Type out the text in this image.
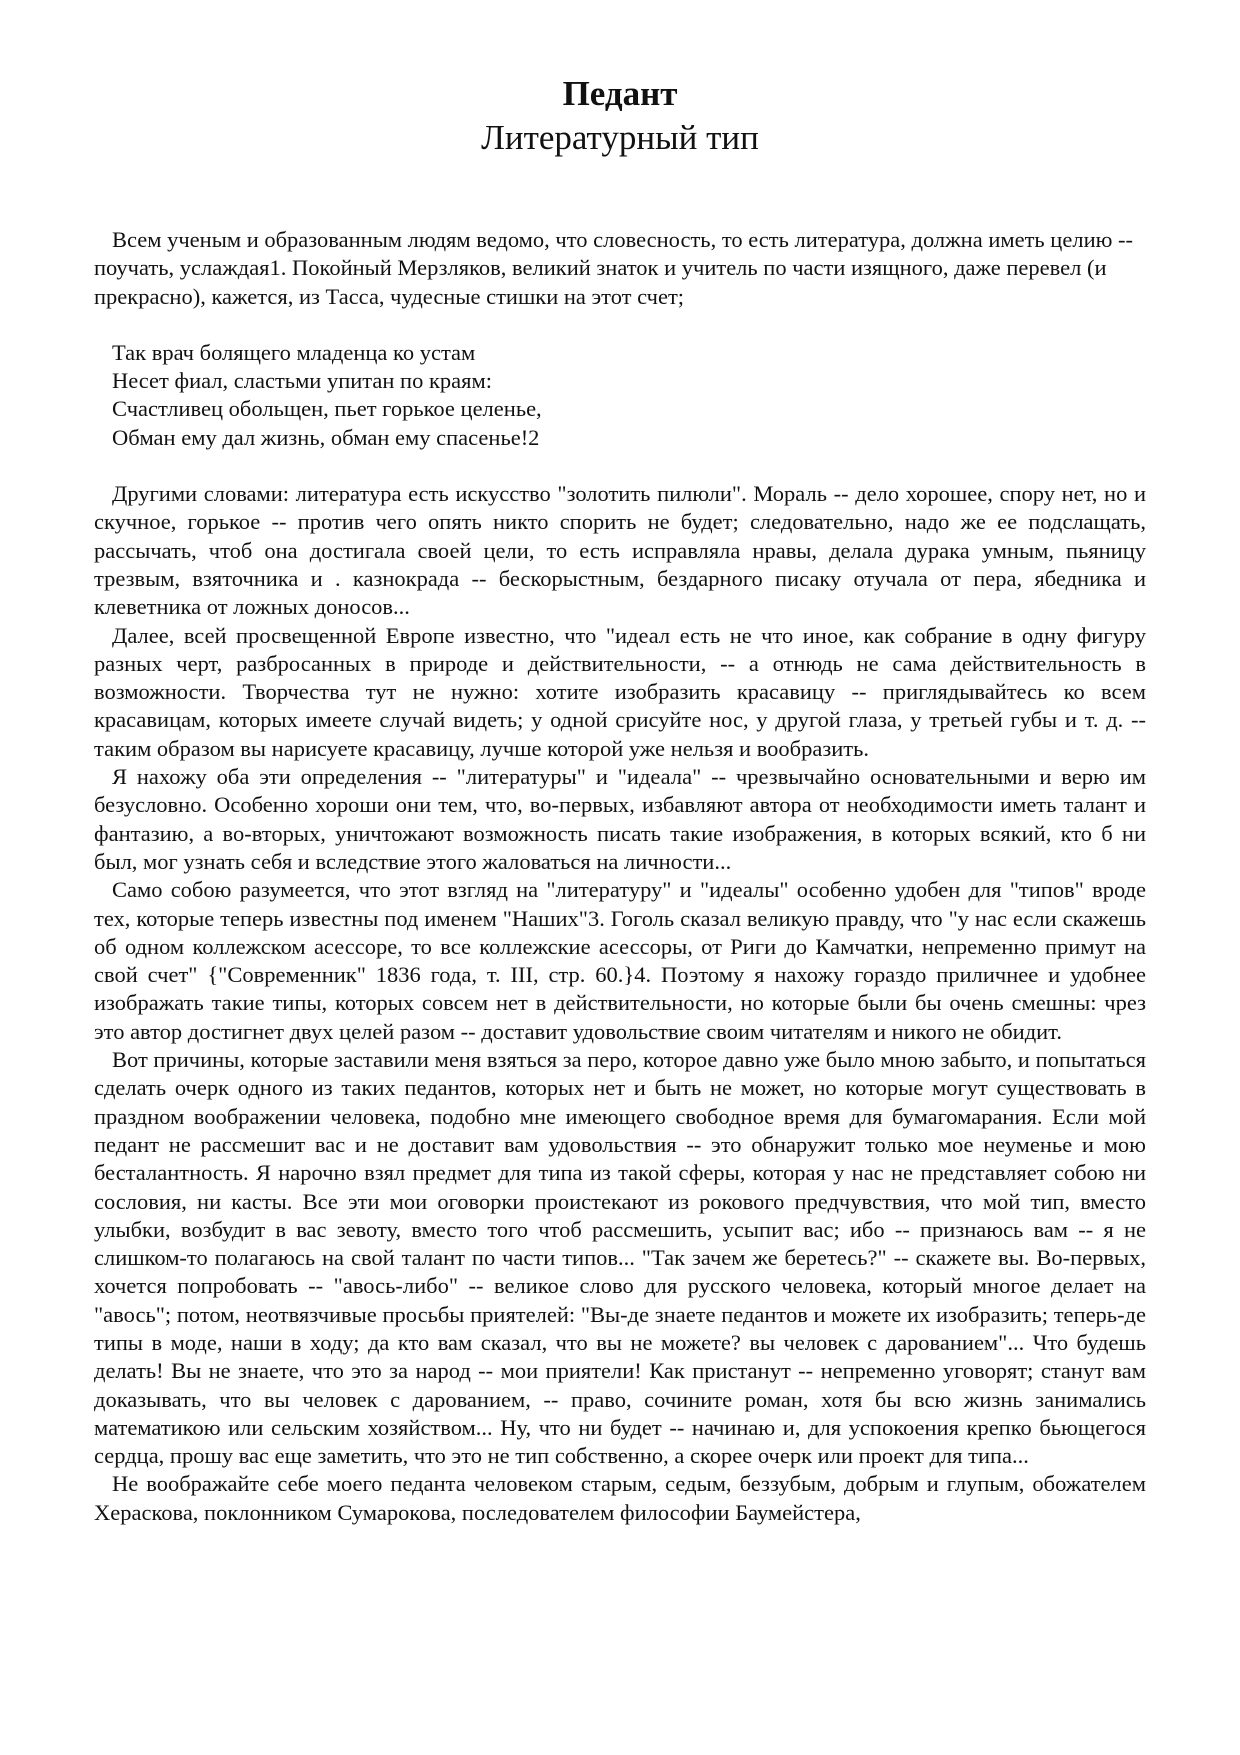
Педант
Литературный тип

Всем ученым и образованным людям ведомо, что словесность, то есть литература, должна иметь целию -- поучать, услаждая1. Покойный Мерзляков, великий знаток и учитель по части изящного, даже перевел (и прекрасно), кажется, из Тасса, чудесные стишки на этот счет;

Так врач болящего младенца ко устам
Несет фиал, сластьми упитан по краям:
Счастливец обольщен, пьет горькое целенье,
Обман ему дал жизнь, обман ему спасенье!2

Другими словами: литература есть искусство "золотить пилюли". Мораль -- дело хорошее, спору нет, но и скучное, горькое -- против чего опять никто спорить не будет; следовательно, надо же ее подслащать, рассычать, чтоб она достигала своей цели, то есть исправляла нравы, делала дурака умным, пьяницу трезвым, взяточника и . казнокрада -- бескорыстным, бездарного писаку отучала от пера, ябедника и клеветника от ложных доносов...

Далее, всей просвещенной Европе известно, что "идеал есть не что иное, как собрание в одну фигуру разных черт, разбросанных в природе и действительности, -- а отнюдь не сама действительность в возможности. Творчества тут не нужно: хотите изобразить красавицу -- приглядывайтесь ко всем красавицам, которых имеете случай видеть; у одной срисуйте нос, у другой глаза, у третьей губы и т. д. -- таким образом вы нарисуете красавицу, лучше которой уже нельзя и вообразить.

Я нахожу оба эти определения -- "литературы" и "идеала" -- чрезвычайно основательными и верю им безусловно. Особенно хороши они тем, что, во-первых, избавляют автора от необходимости иметь талант и фантазию, а во-вторых, уничтожают возможность писать такие изображения, в которых всякий, кто б ни был, мог узнать себя и вследствие этого жаловаться на личности...

Само собою разумеется, что этот взгляд на "литературу" и "идеалы" особенно удобен для "типов" вроде тех, которые теперь известны под именем "Наших"3. Гоголь сказал великую правду, что "у нас если скажешь об одном коллежском асессоре, то все коллежские асессоры, от Риги до Камчатки, непременно примут на свой счет" {"Современник" 1836 года, т. III, стр. 60.}4. Поэтому я нахожу гораздо приличнее и удобнее изображать такие типы, которых совсем нет в действительности, но которые были бы очень смешны: чрез это автор достигнет двух целей разом -- доставит удовольствие своим читателям и никого не обидит.

Вот причины, которые заставили меня взяться за перо, которое давно уже было мною забыто, и попытаться сделать очерк одного из таких педантов, которых нет и быть не может, но которые могут существовать в праздном воображении человека, подобно мне имеющего свободное время для бумагомарания. Если мой педант не рассмешит вас и не доставит вам удовольствия -- это обнаружит только мое неуменье и мою бесталантность. Я нарочно взял предмет для типа из такой сферы, которая у нас не представляет собою ни сословия, ни касты. Все эти мои оговорки проистекают из рокового предчувствия, что мой тип, вместо улыбки, возбудит в вас зевоту, вместо того чтоб рассмешить, усыпит вас; ибо -- признаюсь вам -- я не слишком-то полагаюсь на свой талант по части типов... "Так зачем же беретесь?" -- скажете вы. Во-первых, хочется попробовать -- "авось-либо" -- великое слово для русского человека, который многое делает на "авось"; потом, неотвязчивые просьбы приятелей: "Вы-де знаете педантов и можете их изобразить; теперь-де типы в моде, наши в ходу; да кто вам сказал, что вы не можете? вы человек с дарованием"... Что будешь делать! Вы не знаете, что это за народ -- мои приятели! Как пристанут -- непременно уговорят; станут вам доказывать, что вы человек с дарованием, -- право, сочините роман, хотя бы всю жизнь занимались математикою или сельским хозяйством... Ну, что ни будет -- начинаю и, для успокоения крепко бьющегося сердца, прошу вас еще заметить, что это не тип собственно, а скорее очерк или проект для типа...

Не воображайте себе моего педанта человеком старым, седым, беззубым, добрым и глупым, обожателем Хераскова, поклонником Сумарокова, последователем философии Баумейстера,
